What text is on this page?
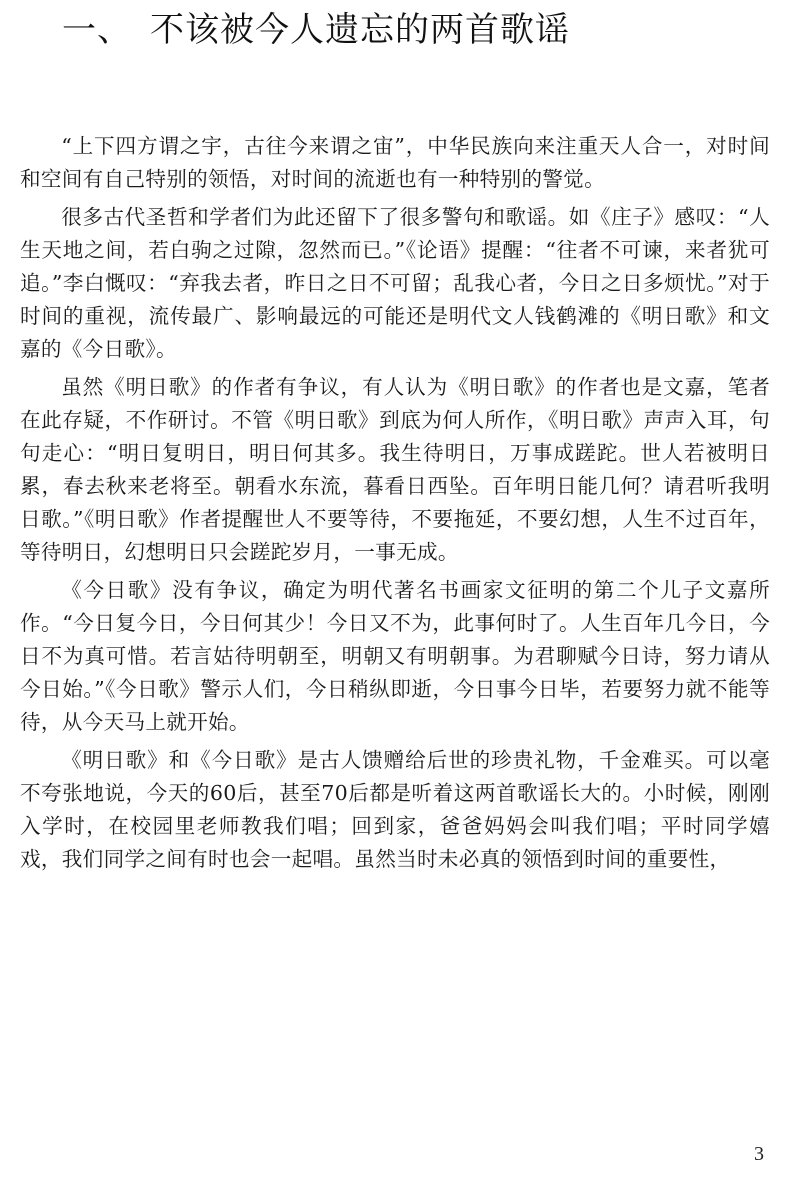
一、 不该被今人遗忘的两首歌谣

“上下四方谓之宇，古往今来谓之宙”，中华民族向来注重天人合一，对时间和空间有自己特别的领悟，对时间的流逝也有一种特别的警觉。

很多古代圣哲和学者们为此还留下了很多警句和歌谣。如《庄子》感叹：“人生天地之间，若白驹之过隙，忽然而已。”《论语》提醒：“往者不可谏，来者犹可追。”李白慨叹：“弃我去者，昨日之日不可留；乱我心者，今日之日多烦忧。”对于时间的重视，流传最广、影响最远的可能还是明代文人钱鹤滩的《明日歌》和文嘉的《今日歌》。

虽然《明日歌》的作者有争议，有人认为《明日歌》的作者也是文嘉，笔者在此存疑，不作研讨。不管《明日歌》到底为何人所作，《明日歌》声声入耳，句句走心：“明日复明日，明日何其多。我生待明日，万事成蹉跎。世人若被明日累，春去秋来老将至。朝看水东流，暮看日西坠。百年明日能几何？请君听我明日歌。”《明日歌》作者提醒世人不要等待，不要拖延，不要幻想，人生不过百年，等待明日，幻想明日只会蹉跎岁月，一事无成。

《今日歌》没有争议，确定为明代著名书画家文征明的第二个儿子文嘉所作。“今日复今日，今日何其少！今日又不为，此事何时了。人生百年几今日，今日不为真可惜。若言姑待明朝至，明朝又有明朝事。为君聊赋今日诗，努力请从今日始。”《今日歌》警示人们，今日稍纵即逝，今日事今日毕，若要努力就不能等待，从今天马上就开始。

《明日歌》和《今日歌》是古人馈赠给后世的珍贵礼物，千金难买。可以毫不夸张地说，今天的60后，甚至70后都是听着这两首歌谣长大的。小时候，刚刚入学时，在校园里老师教我们唱；回到家，爸爸妈妈会叫我们唱；平时同学嬉戏，我们同学之间有时也会一起唱。虽然当时未必真的领悟到时间的重要性，

3
